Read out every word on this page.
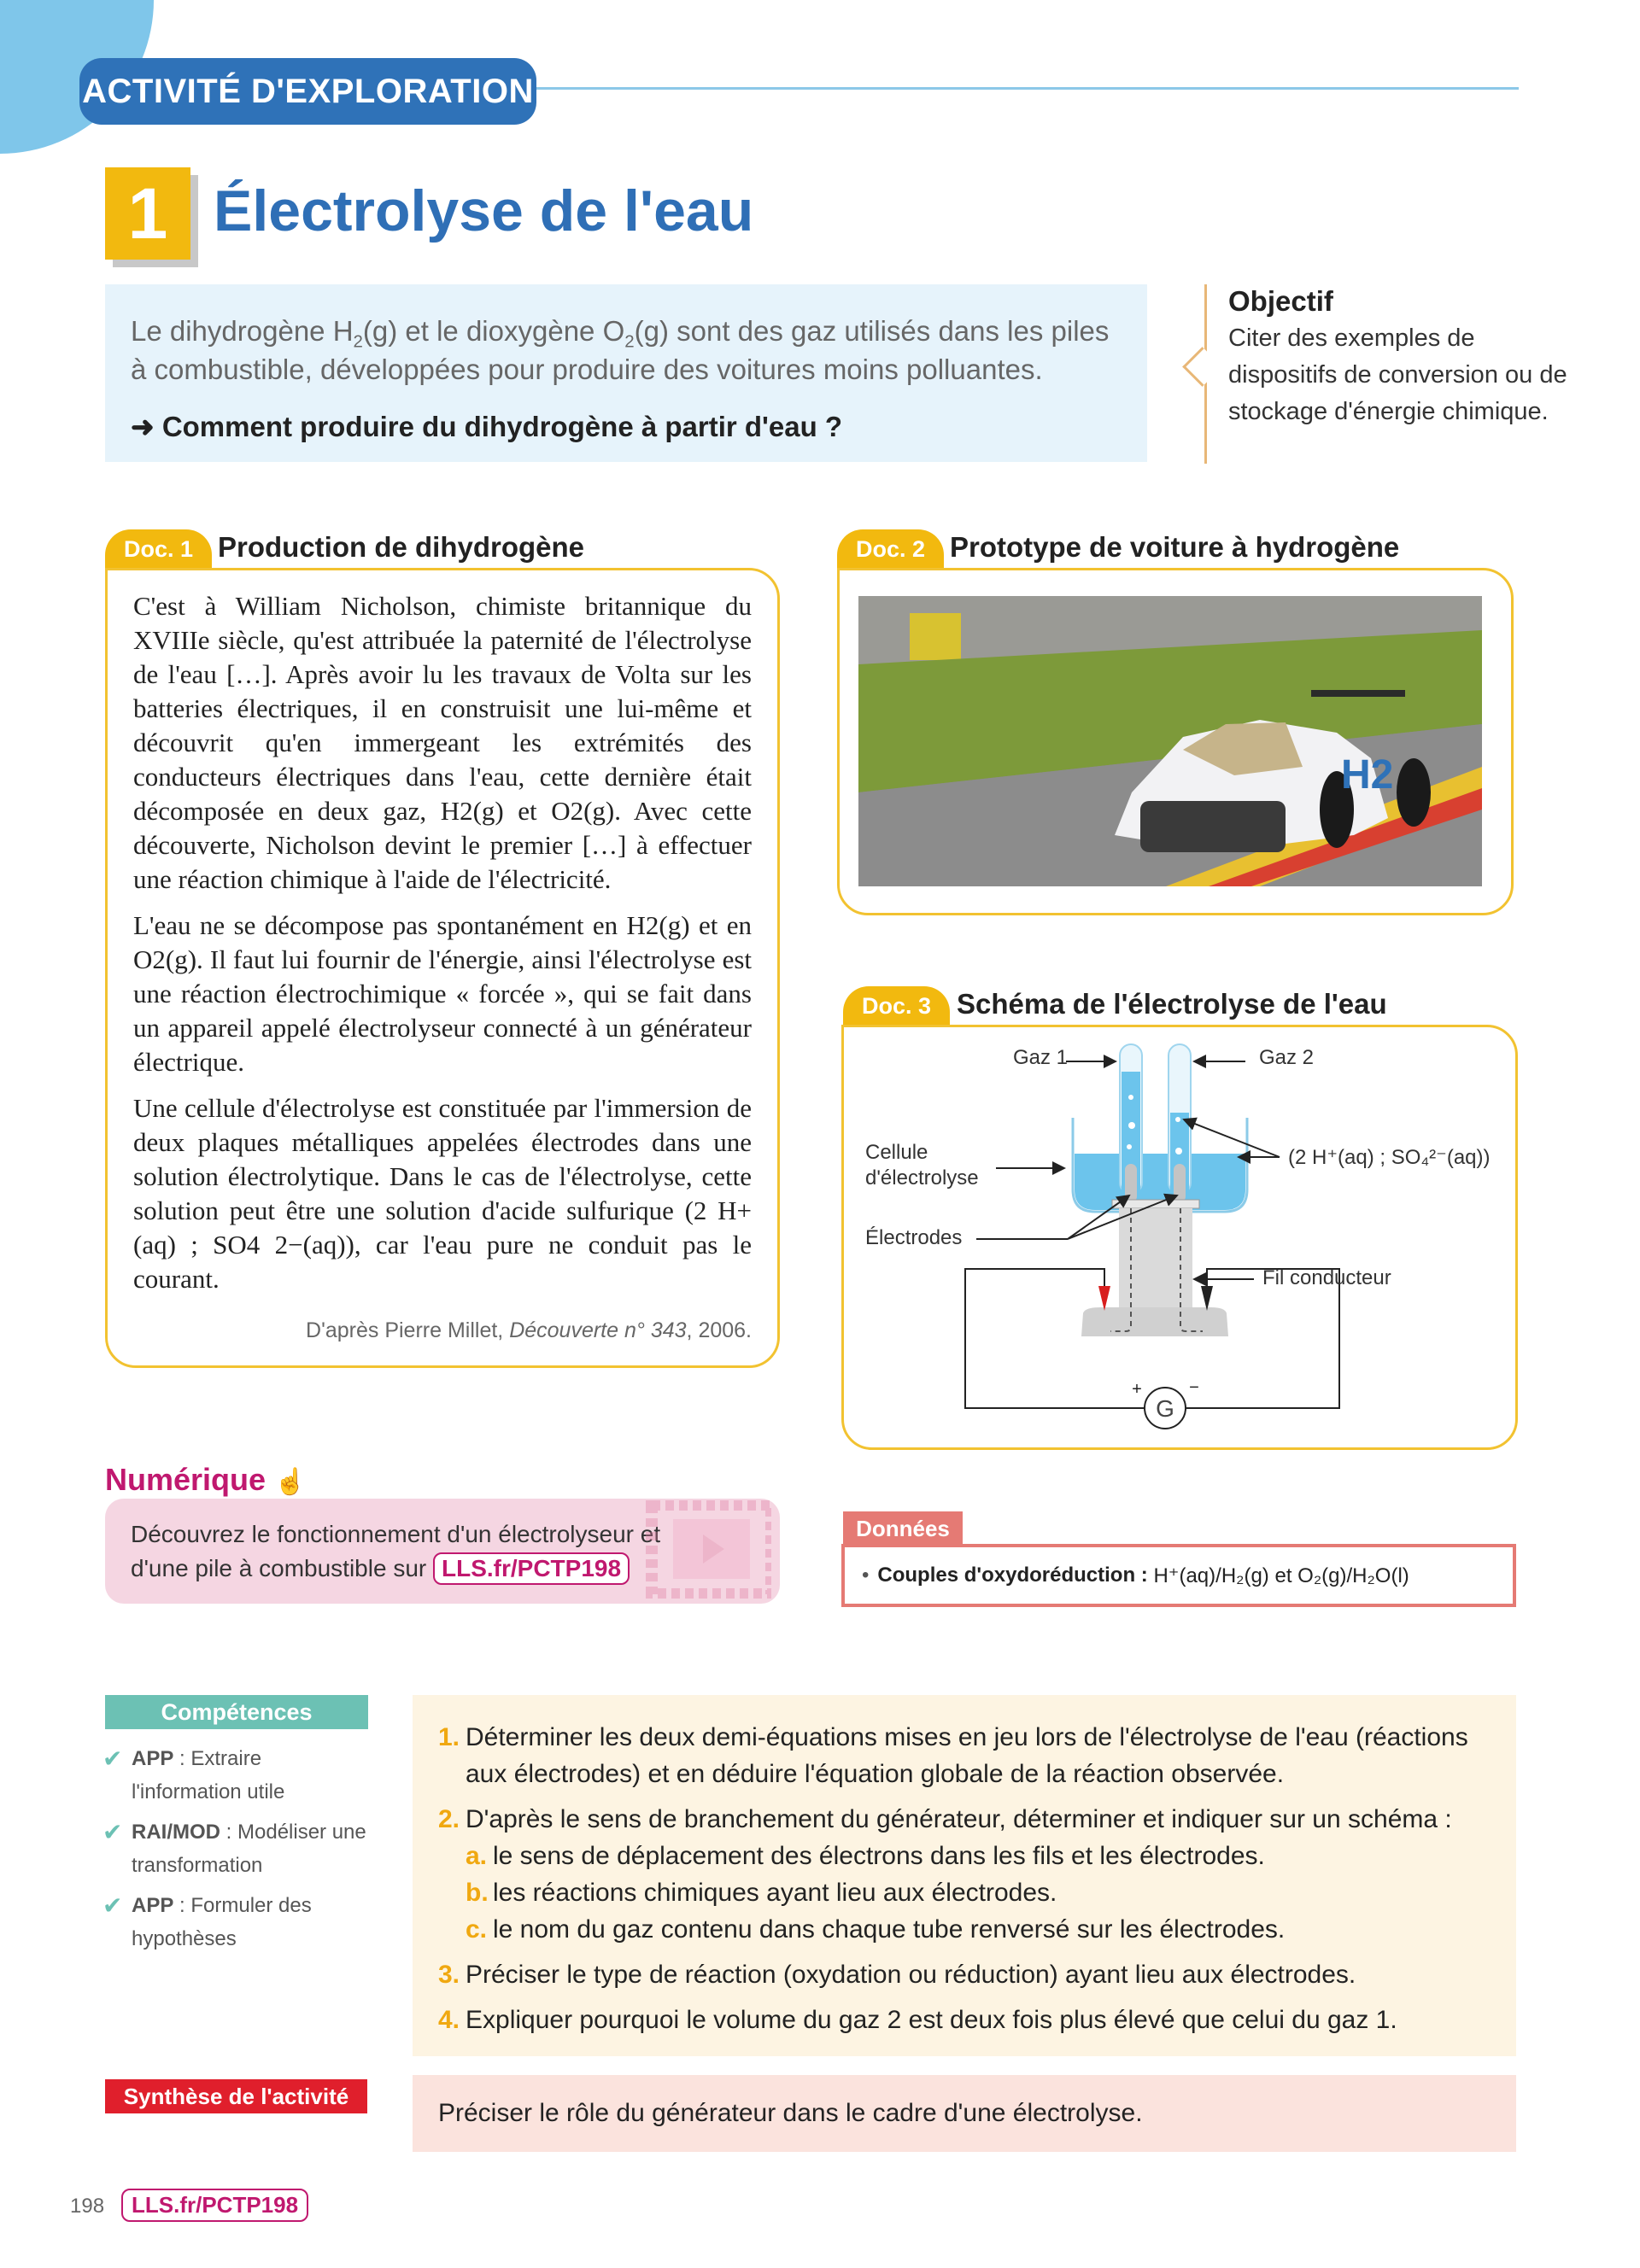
ACTIVITÉ D'EXPLORATION
1 Électrolyse de l'eau

Le dihydrogène $H_2(g)$ et le dioxygène $O_2(g)$ sont des gaz utilisés dans les piles à combustible, développées pour produire des voitures moins polluantes.

➜ Comment produire du dihydrogène à partir d'eau ?

Objectif

Citer des exemples de dispositifs de conversion ou de stockage d'énergie chimique.

Doc. 1 Production de dihydrogène

C'est à William Nicholson, chimiste britannique du XVIIIe siècle, qu'est attribuée la paternité de l'électrolyse de l'eau […]. Après avoir lu les travaux de Volta sur les batteries électriques, il en construisit une lui-même et découvrit qu'en immergeant les extrémités des conducteurs électriques dans l'eau, cette dernière était décomposée en deux gaz, H2(g) et O2(g). Avec cette découverte, Nicholson devint le premier […] à effectuer une réaction chimique à l'aide de l'électricité.

L'eau ne se décompose pas spontanément en H2(g) et en O2(g). Il faut lui fournir de l'énergie, ainsi l'électrolyse est une réaction électrochimique « forcée », qui se fait dans un appareil appelé électrolyseur connecté à un générateur électrique.

Une cellule d'électrolyse est constituée par l'immersion de deux plaques métalliques appelées électrodes dans une solution électrolytique. Dans le cas de l'électrolyse, cette solution peut être une solution d'acide sulfurique (2 H+(aq) ; SO4 2−(aq)), car l'eau pure ne conduit pas le courant.

D'après Pierre Millet, Découverte n° 343, 2006.
Doc. 2 Prototype de voiture à hydrogène
H2
Doc. 3 Schéma de l'électrolyse de l'eau
G
+	−
Gaz 1	Gaz 2
Cellule
d'électrolyse
Électrodes
(2 H⁺(aq) ; SO₄²⁻(aq))
Fil conducteur
Numérique ☝
Découvrez le fonctionnement d'un électrolyseur et
d'une pile à combustible sur LLS.fr/PCTP198
Données
• Couples d'oxydoréduction :
H⁺(aq)/H₂(g) et O₂(g)/H₂O(l)
Compétences
✔ APP : Extraire l'information utile
✔ RAI/MOD : Modéliser une transformation
✔ APP : Formuler des hypothèses
1. Déterminer les deux demi-équations mises en jeu lors de l'électrolyse de l'eau (réactions aux électrodes) et en déduire l'équation globale de la réaction observée.
2. D'après le sens de branchement du générateur, déterminer et indiquer sur un schéma :
a. le sens de déplacement des électrons dans les fils et les électrodes.
b. les réactions chimiques ayant lieu aux électrodes.
c. le nom du gaz contenu dans chaque tube renversé sur les électrodes.
3. Préciser le type de réaction (oxydation ou réduction) ayant lieu aux électrodes.
4. Expliquer pourquoi le volume du gaz 2 est deux fois plus élevé que celui du gaz 1.
Synthèse de l'activité
Préciser le rôle du générateur dans le cadre d'une électrolyse.
198	LLS.fr/PCTP198
